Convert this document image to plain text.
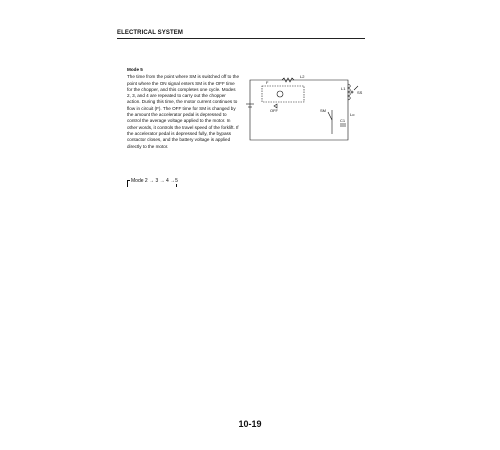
ELECTRICAL SYSTEM
Mode 5

The time from the point where SM is switched off to the point where the ON signal enters SM is the OFF time for the chopper, and this completes one cycle. Modes 2, 3, and 4 are repeated to carry out the chopper action. During this time, the motor current continues to flow in circuit (F). The OFF time for SM is changed by the amount the accelerator pedal is depressed to control the average voltage applied to the motor. In other words, it controls the travel speed of the forklift. If the accelerator pedal is depressed fully, the bypass contactor closes, and the battery voltage is applied directly to the motor.

Mode 2 → 3 → 4 →5
L2
L1
SM
SS
Lo
C1
OFF
F
10-19
